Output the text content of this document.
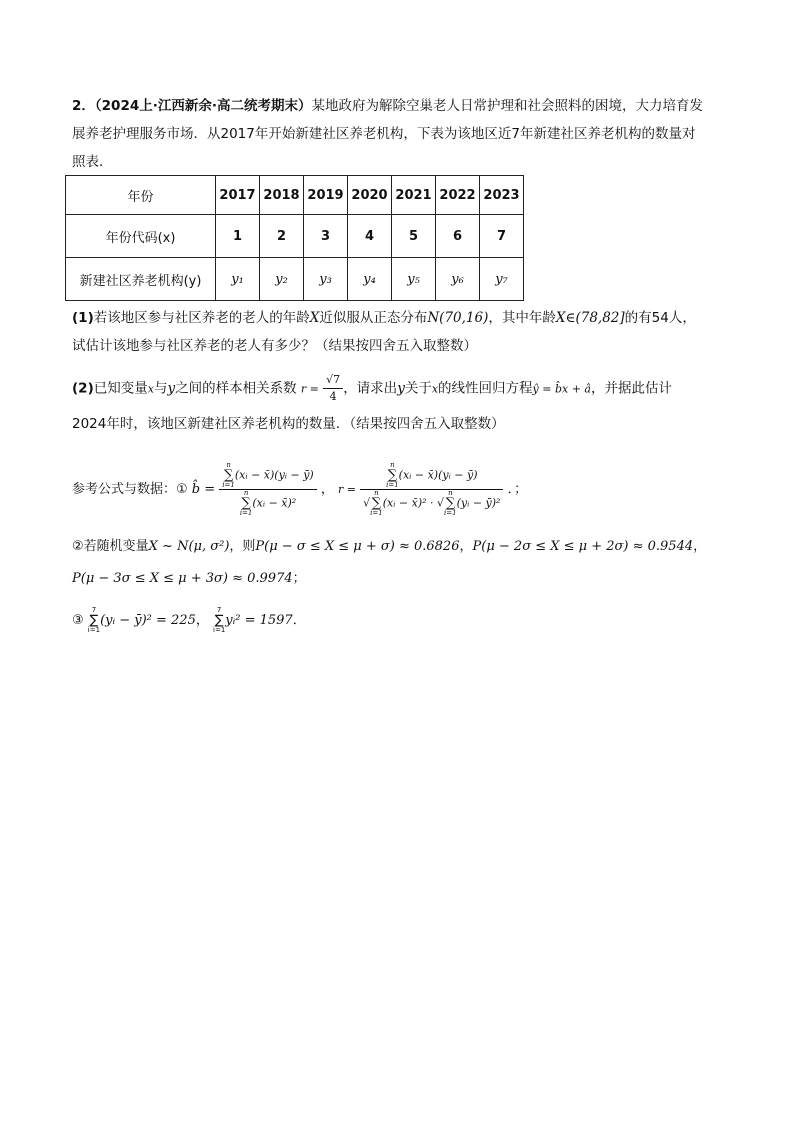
2．（2024上·江西新余·高二统考期末）某地政府为解除空巢老人日常护理和社会照料的困境，大力培育发
展养老护理服务市场．从2017年开始新建社区养老机构，下表为该地区近7年新建社区养老机构的数量对
照表．
年份	2017	2018	2019	2020	2021	2022	2023
年份代码(x)	1	2	3	4	5	6	7
新建社区养老机构(y)	y₁	y₂	y₃	y₄	y₅	y₆	y₇
(1)若该地区参与社区养老的老人的年龄X近似服从正态分布N(70,16)，其中年龄X∈(78,82]的有54人，
试估计该地参与社区养老的老人有多少？（结果按四舍五入取整数）
(2)已知变量x与y之间的样本相关系数 $r = \frac{√7}{4}$ ，请求出y关于x的线性回归方程ŷ = b̂x + â，并据此估计
2024年时，该地区新建社区养老机构的数量．（结果按四舍五入取整数）
参考公式与数据：① b̂ = n
∑
i=1(xᵢ − x̄)(yᵢ − ȳ)
n
∑
i=1(xᵢ − x̄)² ， r = n
∑
i=1(xᵢ − x̄)(yᵢ − ȳ)
√n
∑
i=1(xᵢ − x̄)² · √n
∑
i=1(yᵢ − ȳ)² ．；
②若随机变量X ~ N(μ, σ²)，则P(μ − σ ≤ X ≤ μ + σ) ≈ 0.6826，P(μ − 2σ ≤ X ≤ μ + 2σ) ≈ 0.9544，
P(μ − 3σ ≤ X ≤ μ + 3σ) ≈ 0.9974；
③ 7
∑
i=1(yᵢ − ȳ)² = 225， 7
∑
i=1yᵢ² = 1597．
